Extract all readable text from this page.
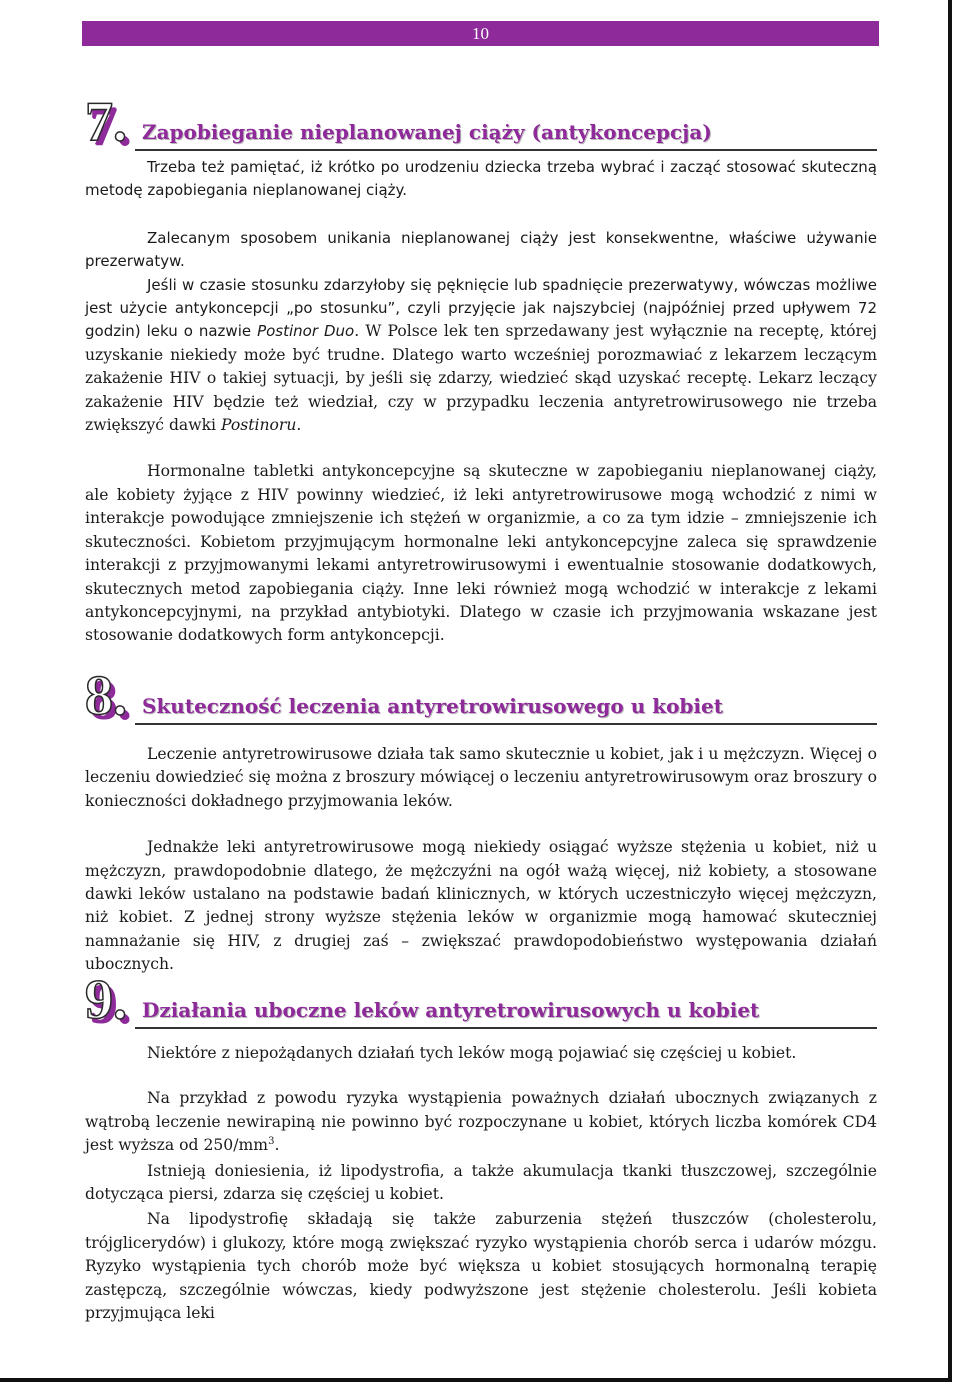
10
7. Zapobieganie nieplanowanej ciąży (antykoncepcja)

Trzeba też pamiętać, iż krótko po urodzeniu dziecka trzeba wybrać i zacząć stosować skuteczną metodę zapobiegania nieplanowanej ciąży.

Zalecanym sposobem unikania nieplanowanej ciąży jest konsekwentne, właściwe używanie prezerwatyw.

Jeśli w czasie stosunku zdarzyłoby się pęknięcie lub spadnięcie prezerwatywy, wówczas możliwe jest użycie antykoncepcji „po stosunku”, czyli przyjęcie jak najszybciej (najpóźniej przed upływem 72 godzin) leku o nazwie Postinor Duo. W Polsce lek ten sprzedawany jest wyłącznie na receptę, której uzyskanie niekiedy może być trudne. Dlatego warto wcześniej porozmawiać z lekarzem leczącym zakażenie HIV o takiej sytuacji, by jeśli się zdarzy, wiedzieć skąd uzyskać receptę. Lekarz leczący zakażenie HIV będzie też wiedział, czy w przypadku leczenia antyretrowirusowego nie trzeba zwiększyć dawki Postinoru.

Hormonalne tabletki antykoncepcyjne są skuteczne w zapobieganiu nieplanowanej ciąży, ale kobiety żyjące z HIV powinny wiedzieć, iż leki antyretrowirusowe mogą wchodzić z nimi w interakcje powodujące zmniejszenie ich stężeń w organizmie, a co za tym idzie – zmniejszenie ich skuteczności. Kobietom przyjmującym hormonalne leki antykoncepcyjne zaleca się sprawdzenie interakcji z przyjmowanymi lekami antyretrowirusowymi i ewentualnie stosowanie dodatkowych, skutecznych metod zapobiegania ciąży. Inne leki również mogą wchodzić w interakcje z lekami antykoncepcyjnymi, na przykład antybiotyki. Dlatego w czasie ich przyjmowania wskazane jest stosowanie dodatkowych form antykoncepcji.

8. Skuteczność leczenia antyretrowirusowego u kobiet

Leczenie antyretrowirusowe działa tak samo skutecznie u kobiet, jak i u mężczyzn. Więcej o leczeniu dowiedzieć się można z broszury mówiącej o leczeniu antyretrowirusowym oraz broszury o konieczności dokładnego przyjmowania leków.

Jednakże leki antyretrowirusowe mogą niekiedy osiągać wyższe stężenia u kobiet, niż u mężczyzn, prawdopodobnie dlatego, że mężczyźni na ogół ważą więcej, niż kobiety, a stosowane dawki leków ustalano na podstawie badań klinicznych, w których uczestniczyło więcej mężczyzn, niż kobiet. Z jednej strony wyższe stężenia leków w organizmie mogą hamować skuteczniej namnażanie się HIV, z drugiej zaś – zwiększać prawdopodobieństwo występowania działań ubocznych.

9. Działania uboczne leków antyretrowirusowych u kobiet

Niektóre z niepożądanych działań tych leków mogą pojawiać się częściej u kobiet.

Na przykład z powodu ryzyka wystąpienia poważnych działań ubocznych związanych z wątrobą leczenie newirapiną nie powinno być rozpoczynane u kobiet, których liczba komórek CD4 jest wyższa od $250/mm^3$.

Istnieją doniesienia, iż lipodystrofia, a także akumulacja tkanki tłuszczowej, szczególnie dotycząca piersi, zdarza się częściej u kobiet.

Na lipodystrofię składają się także zaburzenia stężeń tłuszczów (cholesterolu, trójglicerydów) i glukozy, które mogą zwiększać ryzyko wystąpienia chorób serca i udarów mózgu. Ryzyko wystąpienia tych chorób może być większa u kobiet stosujących hormonalną terapię zastępczą, szczególnie wówczas, kiedy podwyższone jest stężenie cholesterolu. Jeśli kobieta przyjmująca leki
